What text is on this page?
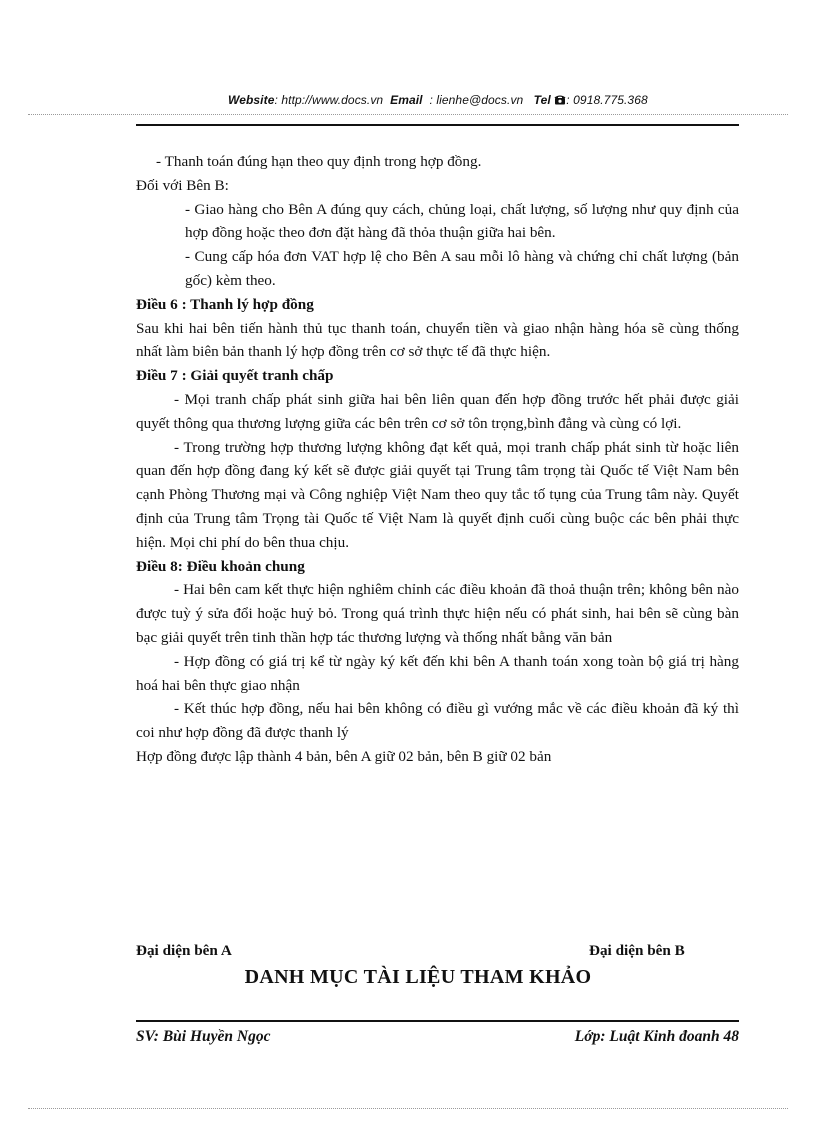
Website: http://www.docs.vn Email : lienhe@docs.vn Tel : 0918.775.368

- Thanh toán đúng hạn theo quy định trong hợp đồng.

Đối với Bên B:

- Giao hàng cho Bên A đúng quy cách, chủng loại, chất lượng, số lượng như quy định của hợp đồng hoặc theo đơn đặt hàng đã thỏa thuận giữa hai bên.

- Cung cấp hóa đơn VAT hợp lệ cho Bên A sau mỗi lô hàng và chứng chỉ chất lượng (bản gốc) kèm theo.

Điều 6 : Thanh lý hợp đồng

Sau khi hai bên tiến hành thủ tục thanh toán, chuyển tiền và giao nhận hàng hóa sẽ cùng thống nhất làm biên bản thanh lý hợp đồng trên cơ sở thực tế đã thực hiện.

Điều 7 : Giải quyết tranh chấp

- Mọi tranh chấp phát sinh giữa hai bên liên quan đến hợp đồng trước hết phải được giải quyết thông qua thương lượng giữa các bên trên cơ sở tôn trọng,bình đẳng và cùng có lợi.

- Trong trường hợp thương lượng không đạt kết quả, mọi tranh chấp phát sinh từ hoặc liên quan đến hợp đồng đang ký kết sẽ được giải quyết tại Trung tâm trọng tài Quốc tế Việt Nam bên cạnh Phòng Thương mại và Công nghiệp Việt Nam theo quy tắc tố tụng của Trung tâm này. Quyết định của Trung tâm Trọng tài Quốc tế Việt Nam là quyết định cuối cùng buộc các bên phải thực hiện. Mọi chi phí do bên thua chịu.

Điều 8: Điều khoản chung

- Hai bên cam kết thực hiện nghiêm chỉnh các điều khoản đã thoả thuận trên; không bên nào được tuỳ ý sửa đổi hoặc huỷ bỏ. Trong quá trình thực hiện nếu có phát sinh, hai bên sẽ cùng bàn bạc giải quyết trên tinh thần hợp tác thương lượng và thống nhất bằng văn bản

- Hợp đồng có giá trị kể từ ngày ký kết đến khi bên A thanh toán xong toàn bộ giá trị hàng hoá hai bên thực giao nhận

- Kết thúc hợp đồng, nếu hai bên không có điều gì vướng mắc về các điều khoản đã ký thì coi như hợp đồng đã được thanh lý

Hợp đồng được lập thành 4 bản, bên A giữ 02 bản, bên B giữ 02 bản

Đại diện bên A	Đại diện bên B
DANH MỤC TÀI LIỆU THAM KHẢO
SV: Bùi Huyền Ngọc	Lớp: Luật Kinh đoanh 48
